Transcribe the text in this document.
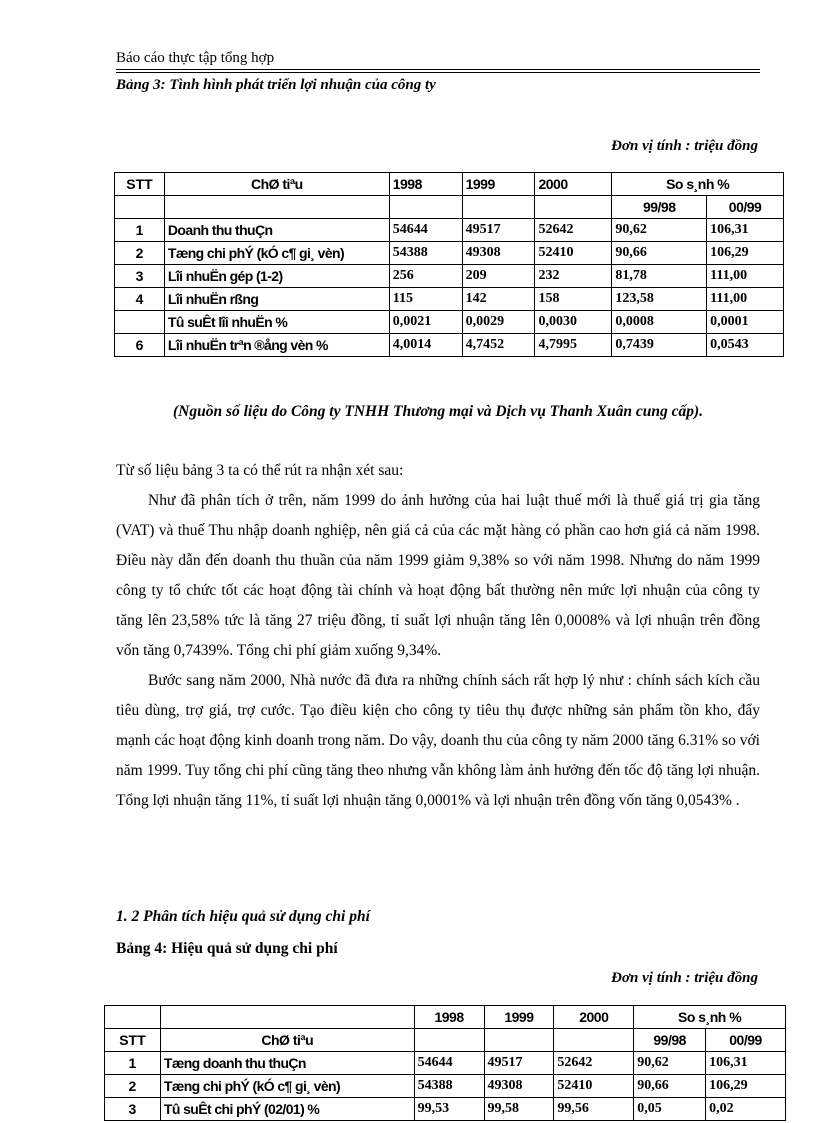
Báo cáo thực tập tổng hợp
Bảng 3: Tình hình phát triển lợi nhuận của công ty
Đơn vị tính : triệu đồng
STT	ChØ tiªu	1998	1999	2000	So s¸nh %	
					99/98	00/99
1	Doanh thu thuÇn	54644	49517	52642	90,62	106,31
2	Tæng chi phÝ (kÓ c¶ gi¸ vèn)	54388	49308	52410	90,66	106,29
3	Lîi nhuËn gép (1-2)	256	209	232	81,78	111,00
4	Lîi nhuËn rßng	115	142	158	123,58	111,00
	Tû suÊt lîi nhuËn %	0,0021	0,0029	0,0030	0,0008	0,0001
6	Lîi nhuËn trªn ®ång vèn %	4,0014	4,7452	4,7995	0,7439	0,0543
(Nguồn số liệu do Công ty TNHH Thương mại và Dịch vụ Thanh Xuân cung cấp).

Từ số liệu bảng 3 ta có thể rút ra nhận xét sau:

Như đã phân tích ở trên, năm 1999 do ảnh hưởng của hai luật thuế mới là thuế giá trị gia tăng (VAT) và thuế Thu nhập doanh nghiệp, nên giá cả của các mặt hàng có phần cao hơn giá cả năm 1998. Điều này dẫn đến doanh thu thuần của năm 1999 giảm 9,38% so với năm 1998. Nhưng do năm 1999 công ty tổ chức tốt các hoạt động tài chính và hoạt động bất thường nên mức lợi nhuận của công ty tăng lên 23,58% tức là tăng 27 triệu đồng, tỉ suất lợi nhuận tăng lên 0,0008% và lợi nhuận trên đồng vốn tăng 0,7439%. Tổng chi phí giảm xuống 9,34%.

Bước sang năm 2000, Nhà nước đã đưa ra những chính sách rất hợp lý như : chính sách kích cầu tiêu dùng, trợ giá, trợ cước. Tạo điều kiện cho công ty tiêu thụ được những sản phẩm tồn kho, đẩy mạnh các hoạt động kinh doanh trong năm. Do vậy, doanh thu của công ty năm 2000 tăng 6.31% so với năm 1999. Tuy tổng chi phí cũng tăng theo nhưng vẫn không làm ảnh hưởng đến tốc độ tăng lợi nhuận. Tổng lợi nhuận tăng 11%, tỉ suất lợi nhuận tăng 0,0001% và lợi nhuận trên đồng vốn tăng 0,0543% .

1. 2 Phân tích hiệu quả sử dụng chi phí
Bảng 4: Hiệu quả sử dụng chi phí
Đơn vị tính : triệu đồng
		1998	1999	2000	So s¸nh %	
STT	ChØ tiªu				99/98	00/99
1	Tæng doanh thu thuÇn	54644	49517	52642	90,62	106,31
2	Tæng chi phÝ (kÓ c¶ gi¸ vèn)	54388	49308	52410	90,66	106,29
3	Tû suÊt chi phÝ (02/01) %	99,53	99,58	99,56	0,05	0,02
